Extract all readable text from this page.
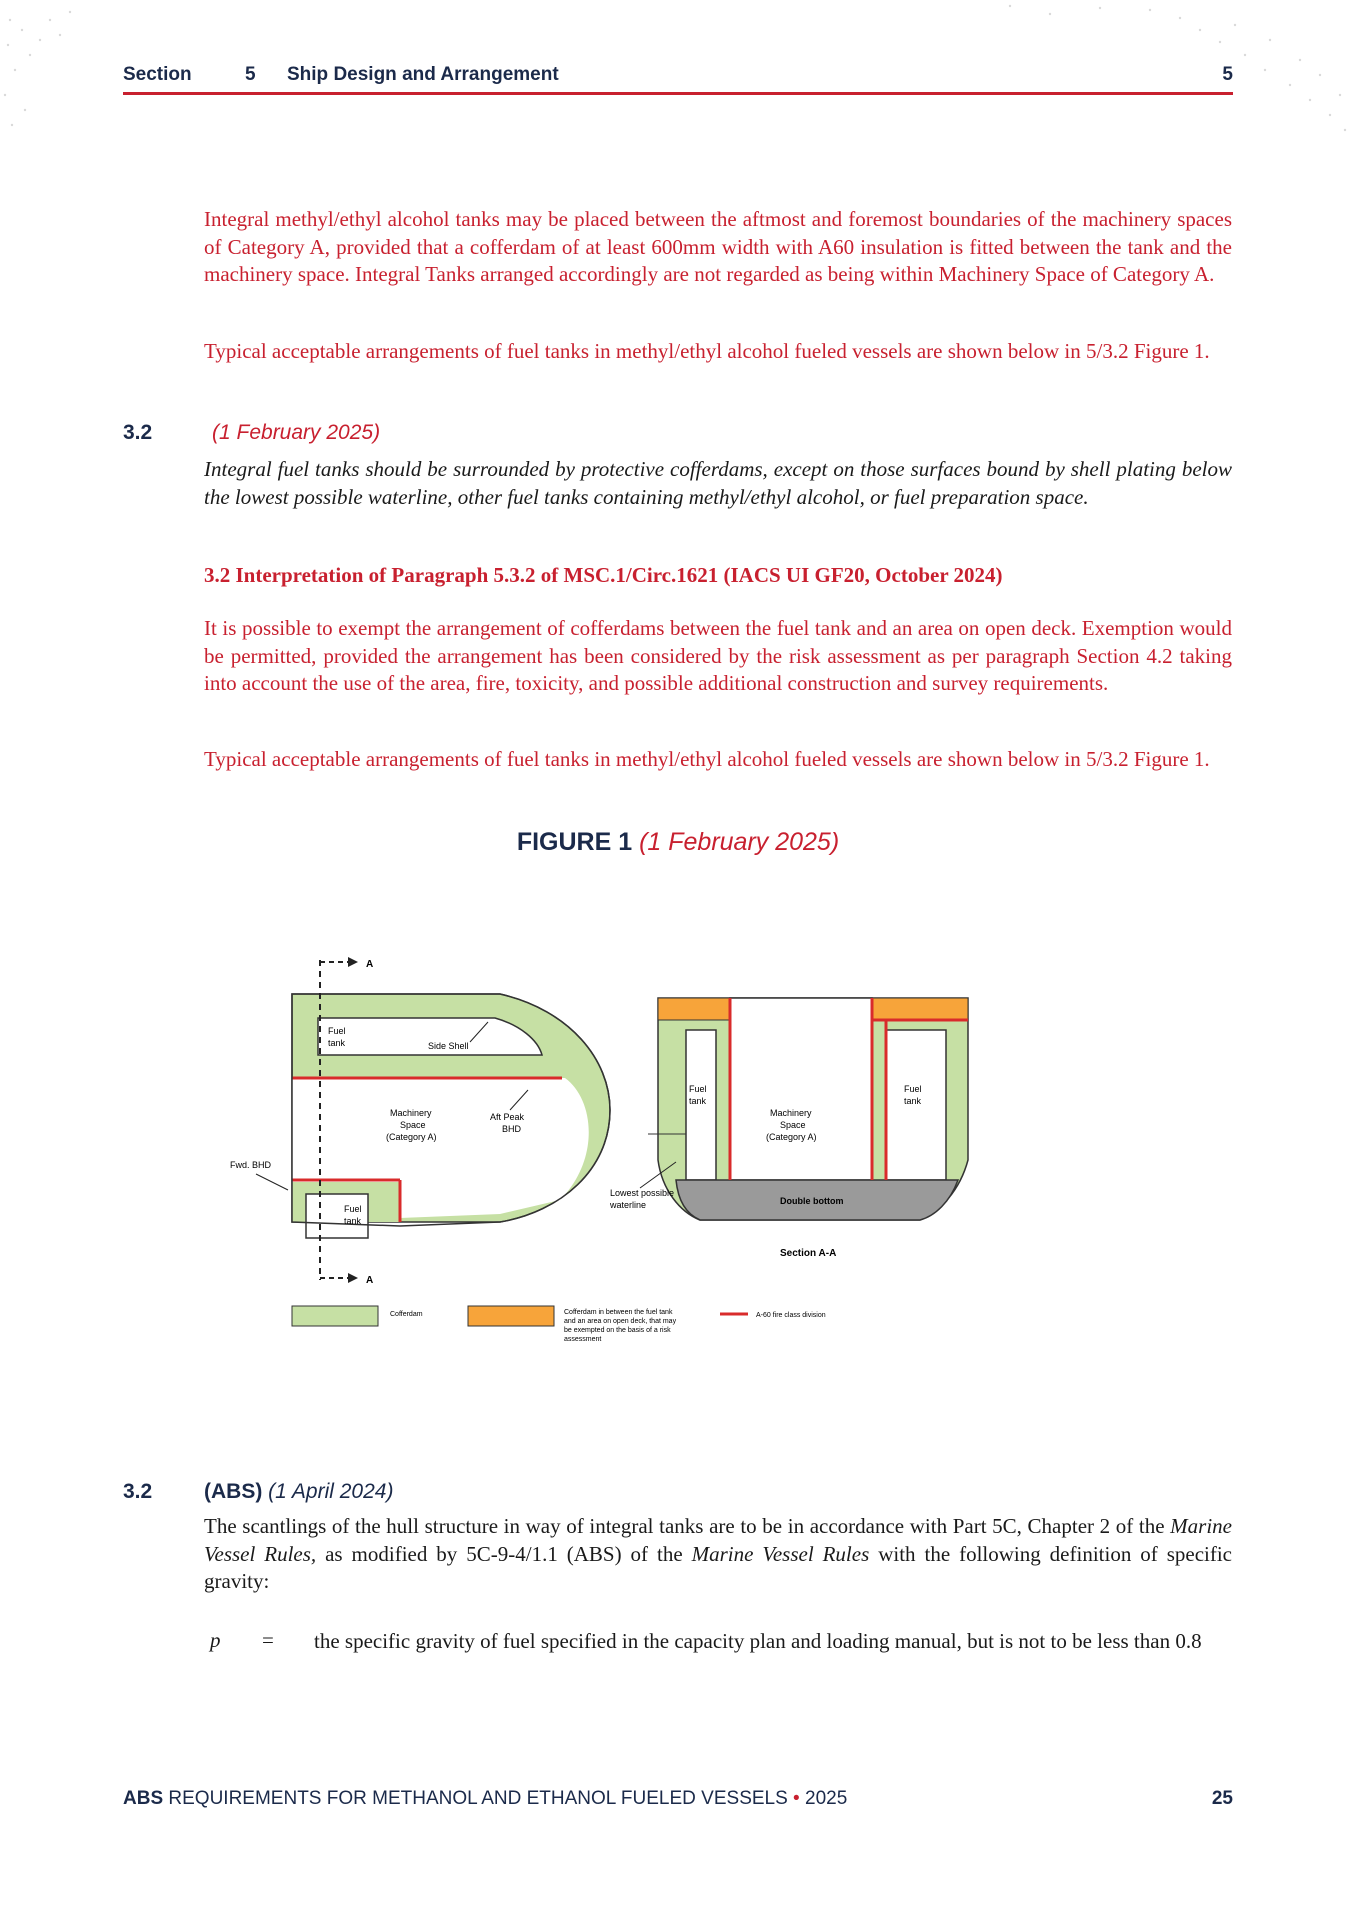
Section	5 Ship Design and Arrangement	5
Integral methyl/ethyl alcohol tanks may be placed between the aftmost and foremost boundaries of the machinery spaces of Category A, provided that a cofferdam of at least 600mm width with A60 insulation is fitted between the tank and the machinery space. Integral Tanks arranged accordingly are not regarded as being within Machinery Space of Category A.
Typical acceptable arrangements of fuel tanks in methyl/ethyl alcohol fueled vessels are shown below in 5/3.2 Figure 1.
3.2	(1 February 2025)
Integral fuel tanks should be surrounded by protective cofferdams, except on those surfaces bound by shell plating below the lowest possible waterline, other fuel tanks containing methyl/ethyl alcohol, or fuel preparation space.
3.2 Interpretation of Paragraph 5.3.2 of MSC.1/Circ.1621 (IACS UI GF20, October 2024)
It is possible to exempt the arrangement of cofferdams between the fuel tank and an area on open deck. Exemption would be permitted, provided the arrangement has been considered by the risk assessment as per paragraph Section 4.2 taking into account the use of the area, fire, toxicity, and possible additional construction and survey requirements.
Typical acceptable arrangements of fuel tanks in methyl/ethyl alcohol fueled vessels are shown below in 5/3.2 Figure 1.
FIGURE 1 (1 February 2025)
A
A
Fuel
tank	Side Shell
Machinery
Space
(Category A)
Aft Peak
BHD
Fwd. BHD
Fuel
tank
Fuel
tank
Machinery
Space
(Category A)
Fuel
tank
Lowest possible
waterline	Double bottom
Section A-A
Cofferdam	Cofferdam in between the fuel tank
and an area on open deck, that may
be exempted on the basis of a risk
assessment
A-60 fire class division
3.2 (ABS) (1 April 2024)
The scantlings of the hull structure in way of integral tanks are to be in accordance with Part 5C, Chapter 2 of the Marine Vessel Rules, as modified by 5C-9-4/1.1 (ABS) of the Marine Vessel Rules with the following definition of specific gravity:
p = the specific gravity of fuel specified in the capacity plan and loading manual, but is not to be less than 0.8
ABS REQUIREMENTS FOR METHANOL AND ETHANOL FUELED VESSELS • 2025	25
